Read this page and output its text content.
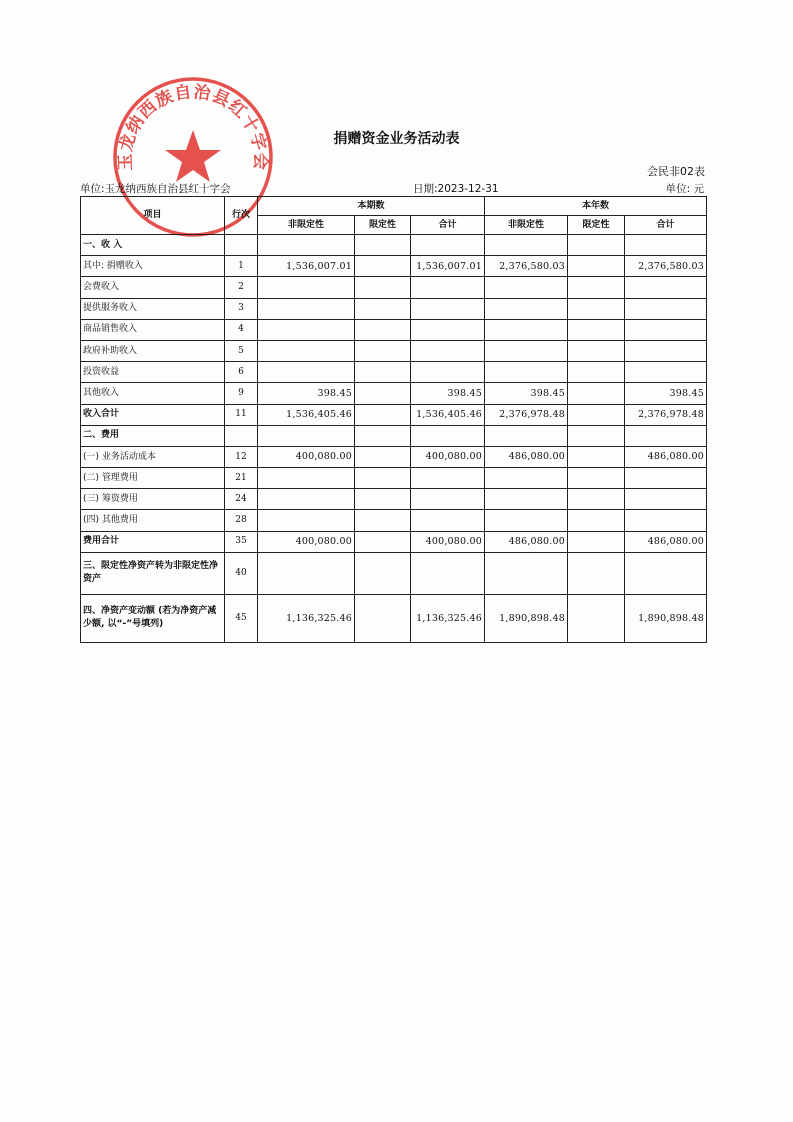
玉龙纳西族自治县红十字会
捐赠资金业务活动表
会民非02表
单位:玉龙纳西族自治县红十字会	日期:2023-12-31	单位: 元
项目	行次	本期数			本年数		
		非限定性	限定性	合计	非限定性	限定性	合计
一、收 入							
其中: 捐赠收入	1	1,536,007.01		1,536,007.01	2,376,580.03		2,376,580.03
会费收入	2						
提供服务收入	3						
商品销售收入	4						
政府补助收入	5						
投资收益	6						
其他收入	9	398.45		398.45	398.45		398.45
收入合计	11	1,536,405.46		1,536,405.46	2,376,978.48		2,376,978.48
二、费用							
(一) 业务活动成本	12	400,080.00		400,080.00	486,080.00		486,080.00
(二) 管理费用	21						
(三) 筹资费用	24						
(四) 其他费用	28						
费用合计	35	400,080.00		400,080.00	486,080.00		486,080.00
三、限定性净资产转为非限定性净资产	40						
四、净资产变动额 (若为净资产减少额, 以“-”号填列)	45	1,136,325.46		1,136,325.46	1,890,898.48		1,890,898.48
